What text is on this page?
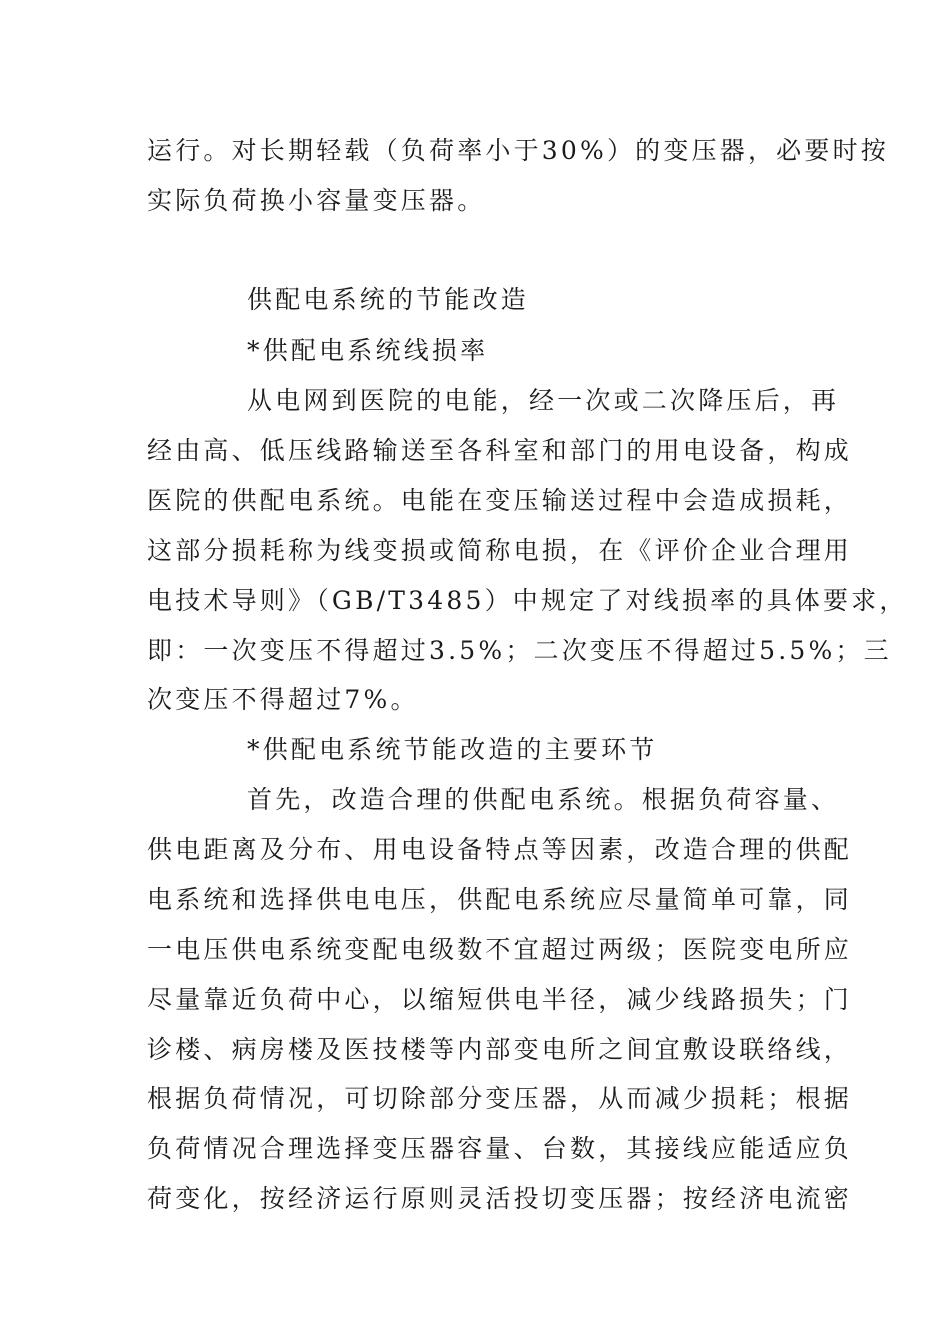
运行。对长期轻载（负荷率小于30%）的变压器，必要时按
实际负荷换小容量变压器。
供配电系统的节能改造
*供配电系统线损率
从电网到医院的电能，经一次或二次降压后，再
经由高、低压线路输送至各科室和部门的用电设备，构成
医院的供配电系统。电能在变压输送过程中会造成损耗，
这部分损耗称为线变损或简称电损，在《评价企业合理用
电技术导则》（GB/T3485）中规定了对线损率的具体要求，
即：一次变压不得超过3.5%；二次变压不得超过5.5%；三
次变压不得超过7%。
*供配电系统节能改造的主要环节
首先，改造合理的供配电系统。根据负荷容量、
供电距离及分布、用电设备特点等因素，改造合理的供配
电系统和选择供电电压，供配电系统应尽量简单可靠，同
一电压供电系统变配电级数不宜超过两级；医院变电所应
尽量靠近负荷中心，以缩短供电半径，减少线路损失；门
诊楼、病房楼及医技楼等内部变电所之间宜敷设联络线，
根据负荷情况，可切除部分变压器，从而减少损耗；根据
负荷情况合理选择变压器容量、台数，其接线应能适应负
荷变化，按经济运行原则灵活投切变压器；按经济电流密
